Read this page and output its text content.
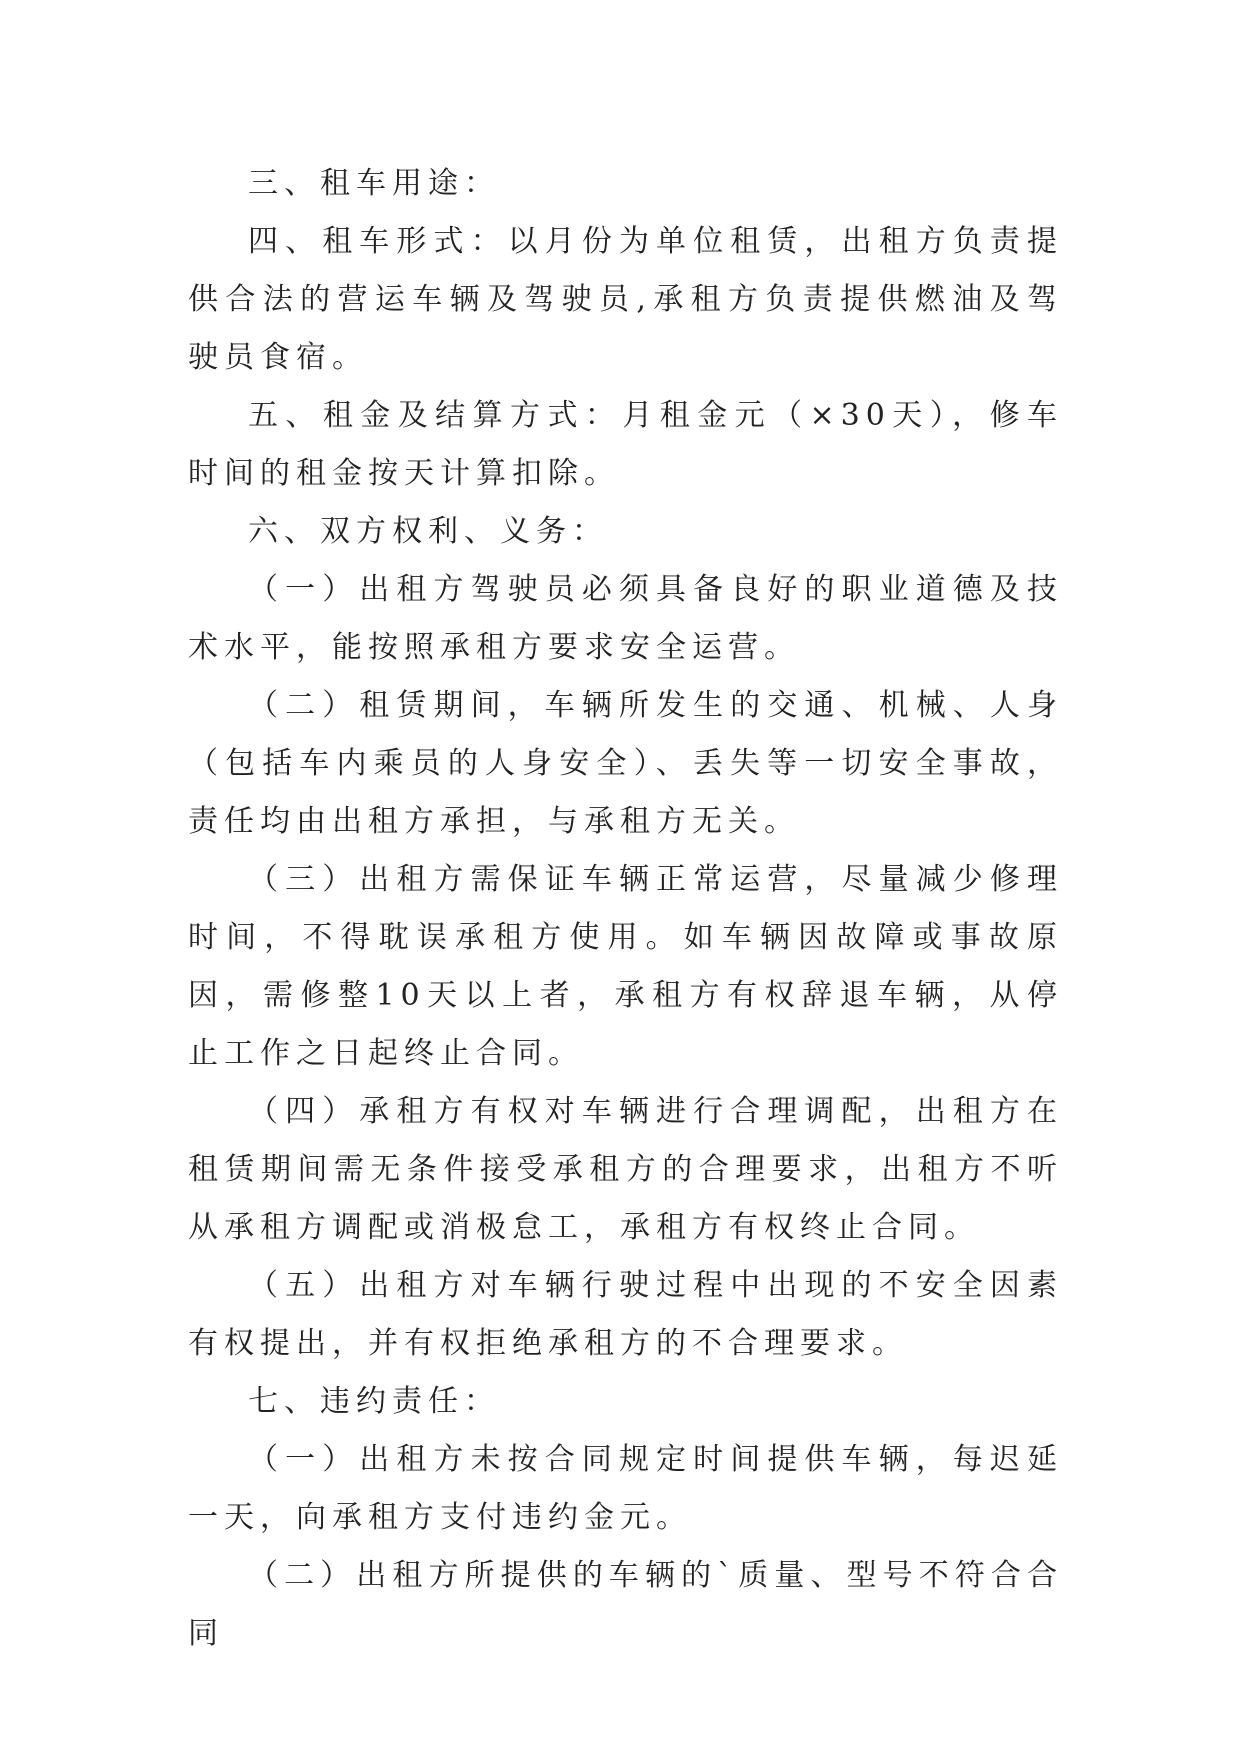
三、租车用途：

四、租车形式：以月份为单位租赁，出租方负责提供合法的营运车辆及驾驶员,承租方负责提供燃油及驾驶员食宿。

五、租金及结算方式：月租金元（×30天），修车时间的租金按天计算扣除。

六、双方权利、义务：

（一）出租方驾驶员必须具备良好的职业道德及技术水平，能按照承租方要求安全运营。

（二）租赁期间，车辆所发生的交通、机械、人身（包括车内乘员的人身安全）、丢失等一切安全事故，责任均由出租方承担，与承租方无关。

（三）出租方需保证车辆正常运营，尽量减少修理时间，不得耽误承租方使用。如车辆因故障或事故原因，需修整10天以上者，承租方有权辞退车辆，从停止工作之日起终止合同。

（四）承租方有权对车辆进行合理调配，出租方在租赁期间需无条件接受承租方的合理要求，出租方不听从承租方调配或消极怠工，承租方有权终止合同。

（五）出租方对车辆行驶过程中出现的不安全因素有权提出，并有权拒绝承租方的不合理要求。

七、违约责任：

（一）出租方未按合同规定时间提供车辆，每迟延一天，向承租方支付违约金元。

（二）出租方所提供的车辆的`质量、型号不符合合同
